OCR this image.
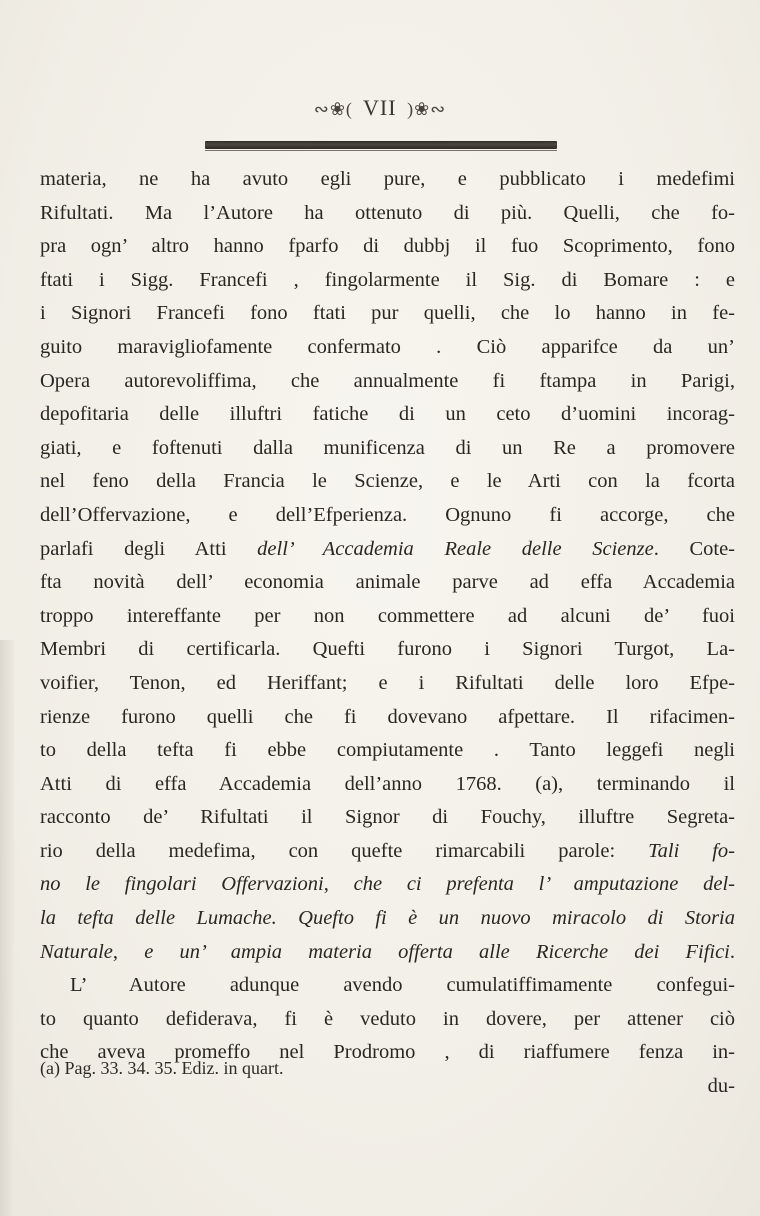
∾❀( VII )❀∾
materia, ne ha avuto egli pure, e pubblicato i medefimi
Rifultati. Ma l’Autore ha ottenuto di più. Quelli, che fo-
pra ogn’ altro hanno fparfo di dubbj il fuo Scoprimento, fono
ftati i Sigg. Francefi , fingolarmente il Sig. di Bomare : e
i Signori Francefi fono ftati pur quelli, che lo hanno in fe-
guito maravigliofamente confermato . Ciò apparifce da un’
Opera autorevoliffima, che annualmente fi ftampa in Parigi,
depofitaria delle illuftri fatiche di un ceto d’uomini incorag-
giati, e foftenuti dalla munificenza di un Re a promovere
nel feno della Francia le Scienze, e le Arti con la fcorta
dell’Offervazione, e dell’Efperienza. Ognuno fi accorge, che
parlafi degli Atti dell’ Accademia Reale delle Scienze. Cote-
fta novità dell’ economia animale parve ad effa Accademia
troppo intereffante per non commettere ad alcuni de’ fuoi
Membri di certificarla. Quefti furono i Signori Turgot, La-
voifier, Tenon, ed Heriffant; e i Rifultati delle loro Efpe-
rienze furono quelli che fi dovevano afpettare. Il rifacimen-
to della tefta fi ebbe compiutamente . Tanto leggefi negli
Atti di effa Accademia dell’anno 1768. (a), terminando il
racconto de’ Rifultati il Signor di Fouchy, illuftre Segreta-
rio della medefima, con quefte rimarcabili parole: Tali fo-
no le fingolari Offervazioni, che ci prefenta l’ amputazione del-
la tefta delle Lumache. Quefto fi è un nuovo miracolo di Storia
Naturale, e un’ ampia materia offerta alle Ricerche dei Fifici.
L’ Autore adunque avendo cumulatiffimamente confegui-
to quanto defiderava, fi è veduto in dovere, per attener ciò
che aveva promeffo nel Prodromo , di riaffumere fenza in-
du-
(a) Pag. 33. 34. 35. Ediz. in quart.
